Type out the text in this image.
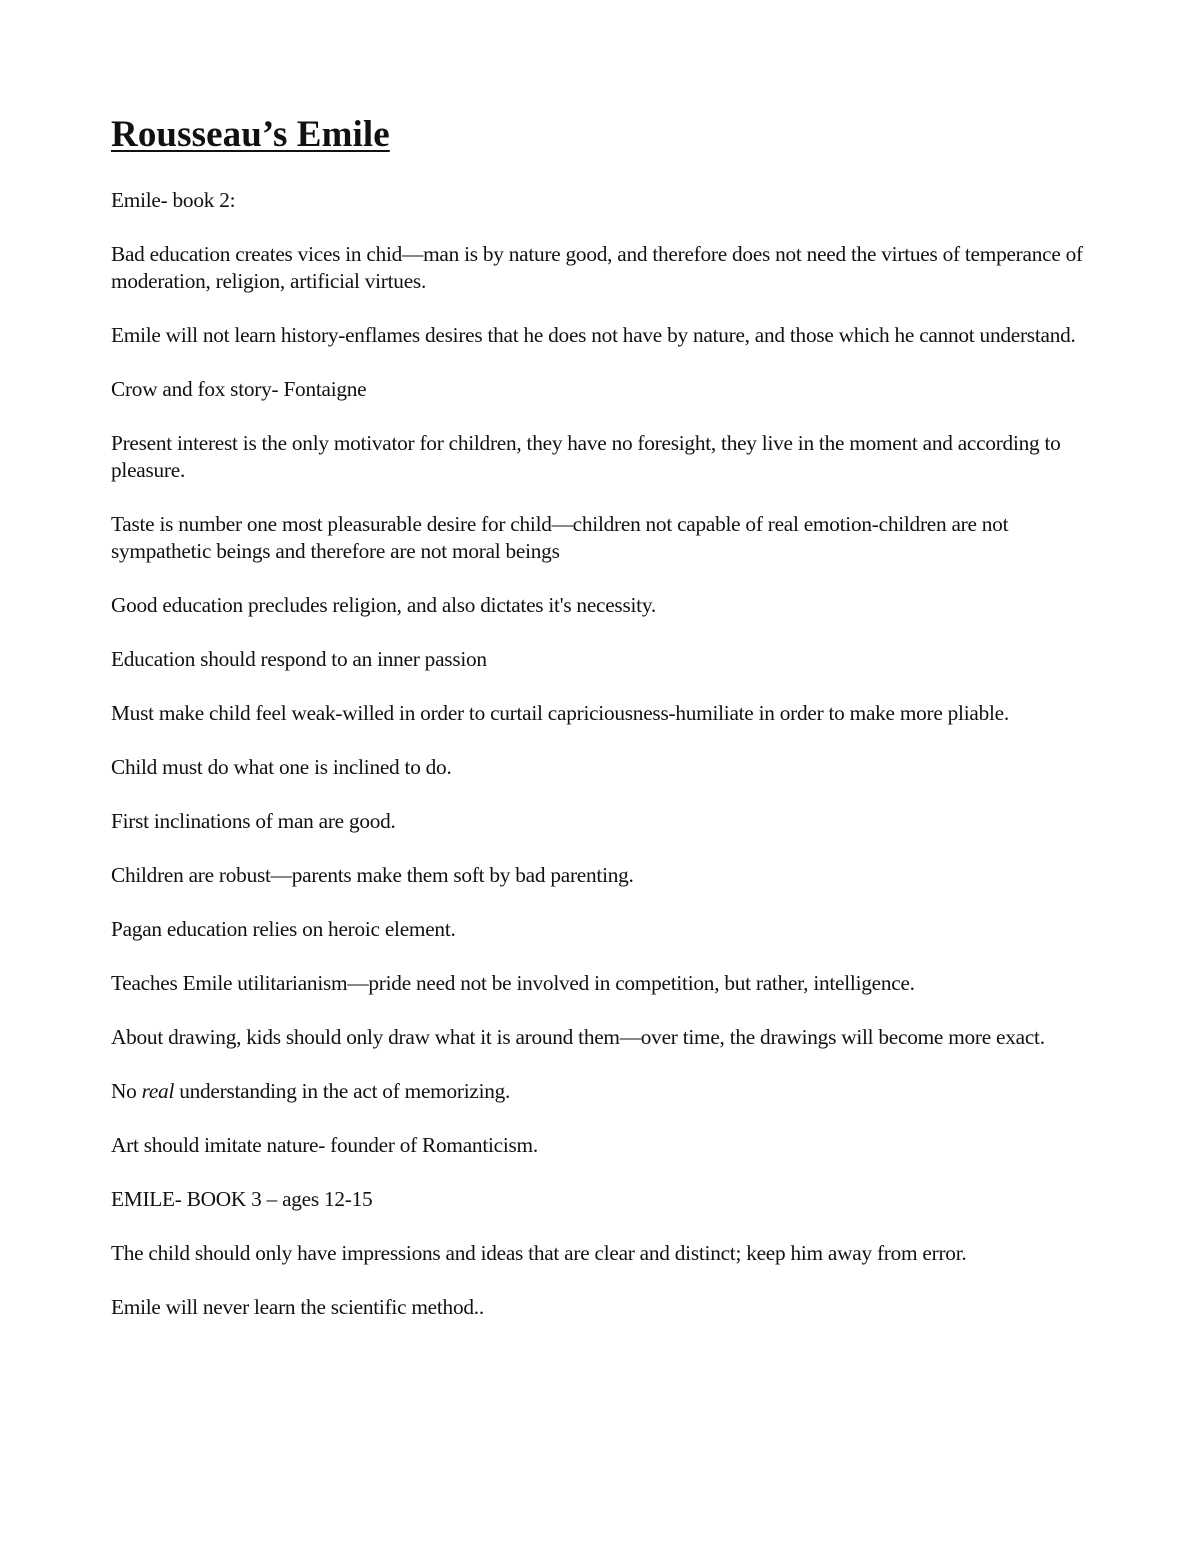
Rousseau’s Emile

Emile- book 2:

Bad education creates vices in chid—man is by nature good, and therefore does not need the virtues of temperance of moderation, religion, artificial virtues.

Emile will not learn history-enflames desires that he does not have by nature, and those which he cannot understand.

Crow and fox story- Fontaigne

Present interest is the only motivator for children, they have no foresight, they live in the moment and according to pleasure.

Taste is number one most pleasurable desire for child—children not capable of real emotion-children are not sympathetic beings and therefore are not moral beings

Good education precludes religion, and also dictates it's necessity.

Education should respond to an inner passion

Must make child feel weak-willed in order to curtail capriciousness-humiliate in order to make more pliable.

Child must do what one is inclined to do.

First inclinations of man are good.

Children are robust—parents make them soft by bad parenting.

Pagan education relies on heroic element.

Teaches Emile utilitarianism—pride need not be involved in competition, but rather, intelligence.

About drawing, kids should only draw what it is around them—over time, the drawings will become more exact.

No real understanding in the act of memorizing.

Art should imitate nature- founder of Romanticism.

EMILE- BOOK 3 – ages 12-15

The child should only have impressions and ideas that are clear and distinct; keep him away from error.

Emile will never learn the scientific method..
